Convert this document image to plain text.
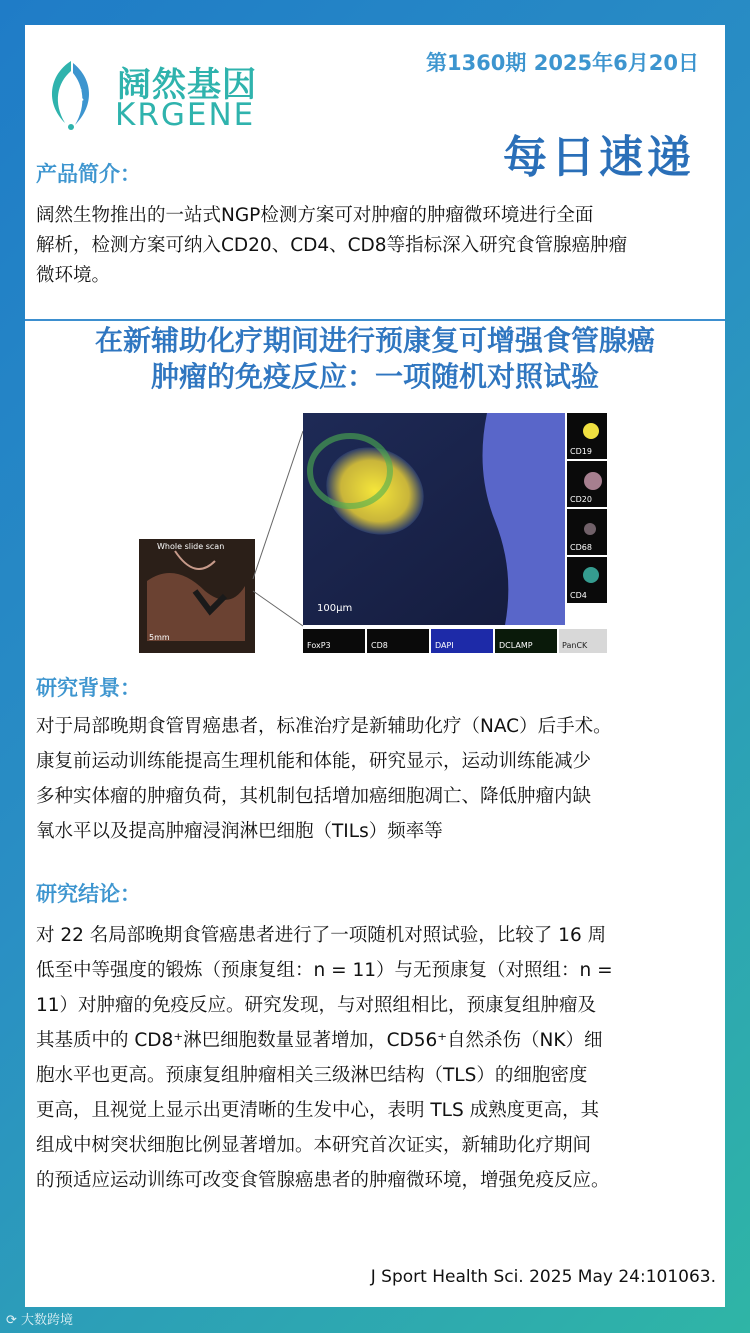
阔然基因
KRGENE
第1360期 2025年6月20日
每日速递
产品简介：
阔然生物推出的一站式NGP检测方案可对肿瘤的肿瘤微环境进行全面
解析，检测方案可纳入CD20、CD4、CD8等指标深入研究食管腺癌肿瘤
微环境。
在新辅助化疗期间进行预康复可增强食管腺癌
肿瘤的免疫反应：一项随机对照试验
Whole slide scan
5mm
100μm
CD19
CD20
CD68
CD4
FoxP3	CD8	DAPI	DCLAMP	PanCK
研究背景：
对于局部晚期食管胃癌患者，标准治疗是新辅助化疗（NAC）后手术。
康复前运动训练能提高生理机能和体能，研究显示，运动训练能减少
多种实体瘤的肿瘤负荷，其机制包括增加癌细胞凋亡、降低肿瘤内缺
氧水平以及提高肿瘤浸润淋巴细胞（TILs）频率等
研究结论：
对 22 名局部晚期食管癌患者进行了一项随机对照试验，比较了 16 周
低至中等强度的锻炼（预康复组：n = 11）与无预康复（对照组：n =
11）对肿瘤的免疫反应。研究发现，与对照组相比，预康复组肿瘤及
其基质中的 CD8⁺淋巴细胞数量显著增加，CD56⁺自然杀伤（NK）细
胞水平也更高。预康复组肿瘤相关三级淋巴结构（TLS）的细胞密度
更高，且视觉上显示出更清晰的生发中心，表明 TLS 成熟度更高，其
组成中树突状细胞比例显著增加。本研究首次证实，新辅助化疗期间
的预适应运动训练可改变食管腺癌患者的肿瘤微环境，增强免疫反应。
J Sport Health Sci. 2025 May 24:101063.
⟳ 大数跨境
